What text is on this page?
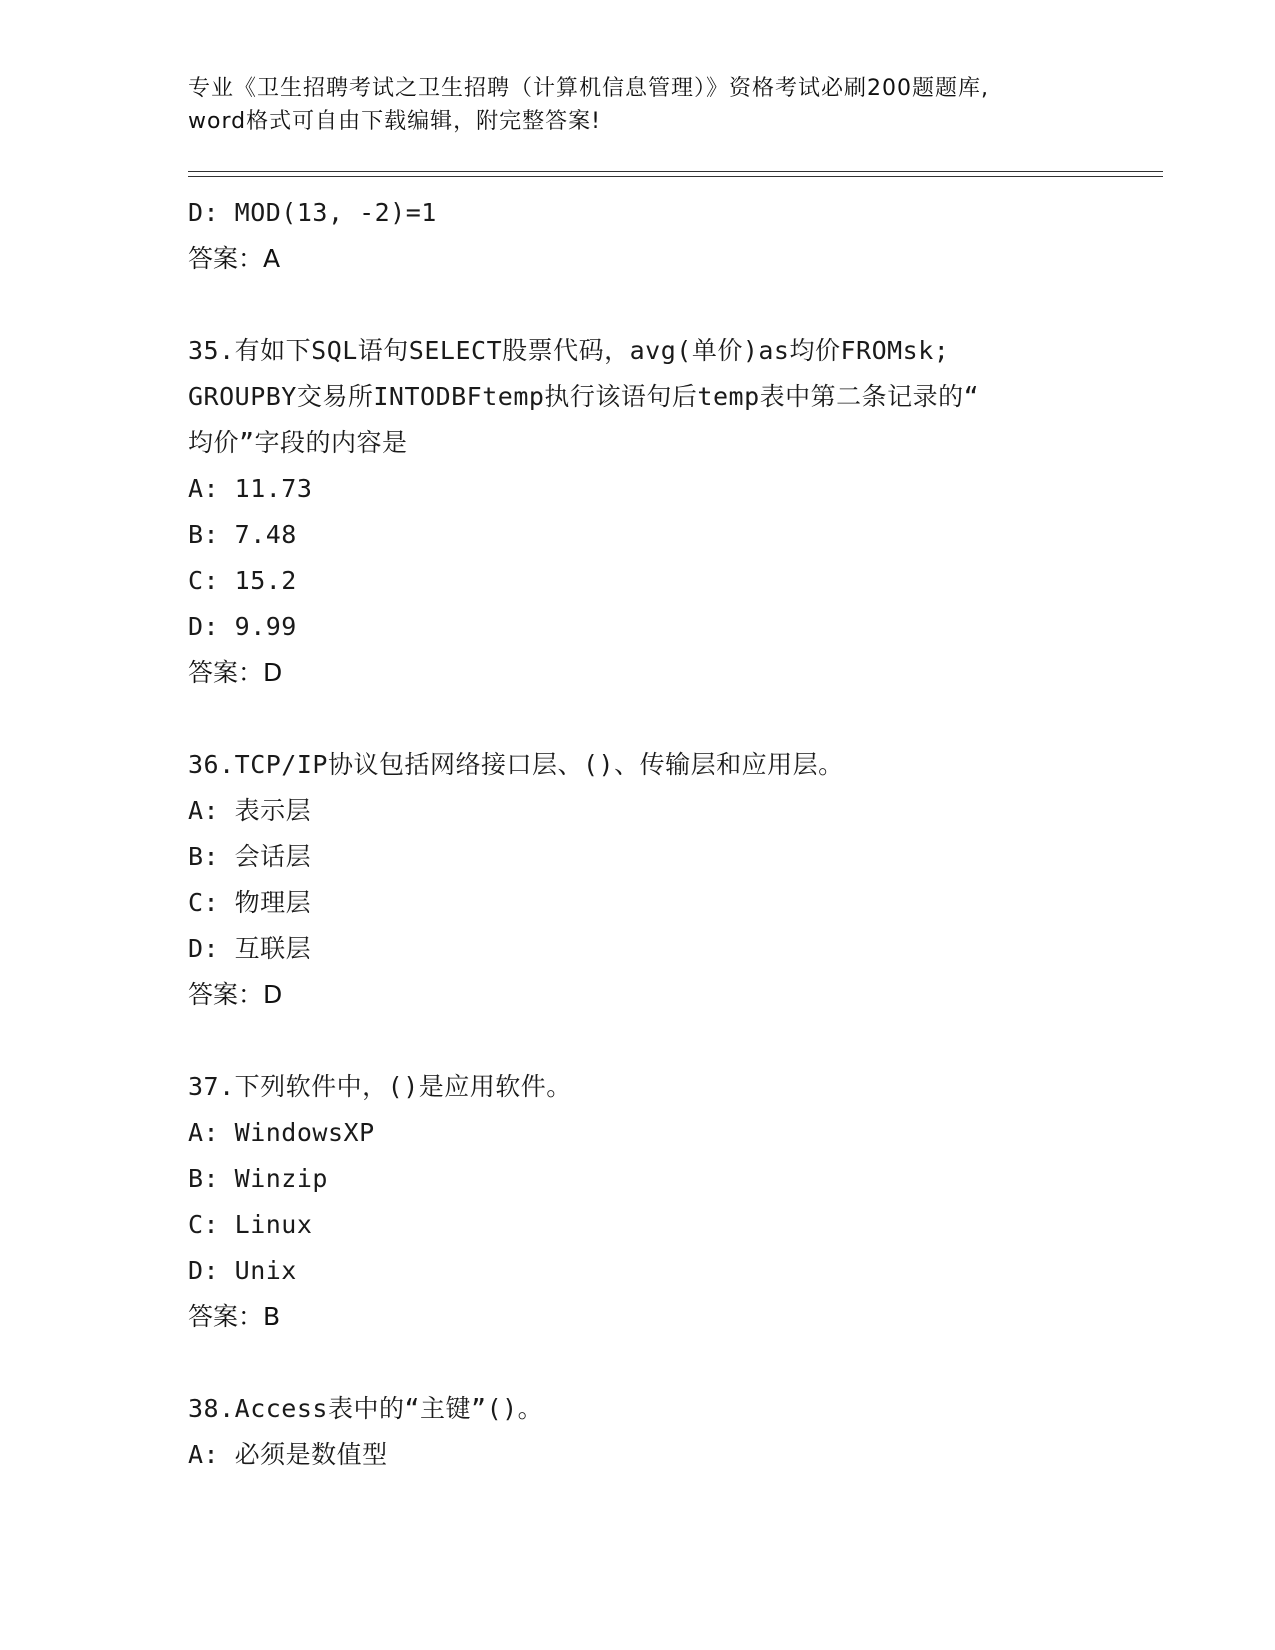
专业《卫生招聘考试之卫生招聘（计算机信息管理）》资格考试必刷200题题库,
word格式可自由下载编辑，附完整答案!
D: MOD(13, -2)=1
答案：A
35.有如下SQL语句SELECT股票代码，avg(单价)as均价FROMsk;
GROUPBY交易所INTODBFtemp执行该语句后temp表中第二条记录的“
均价”字段的内容是
A: 11.73
B: 7.48
C: 15.2
D: 9.99
答案：D
36.TCP/IP协议包括网络接口层、()、传输层和应用层。
A: 表示层
B: 会话层
C: 物理层
D: 互联层
答案：D
37.下列软件中，()是应用软件。
A: WindowsXP
B: Winzip
C: Linux
D: Unix
答案：B
38.Access表中的“主键”()。
A: 必须是数值型
